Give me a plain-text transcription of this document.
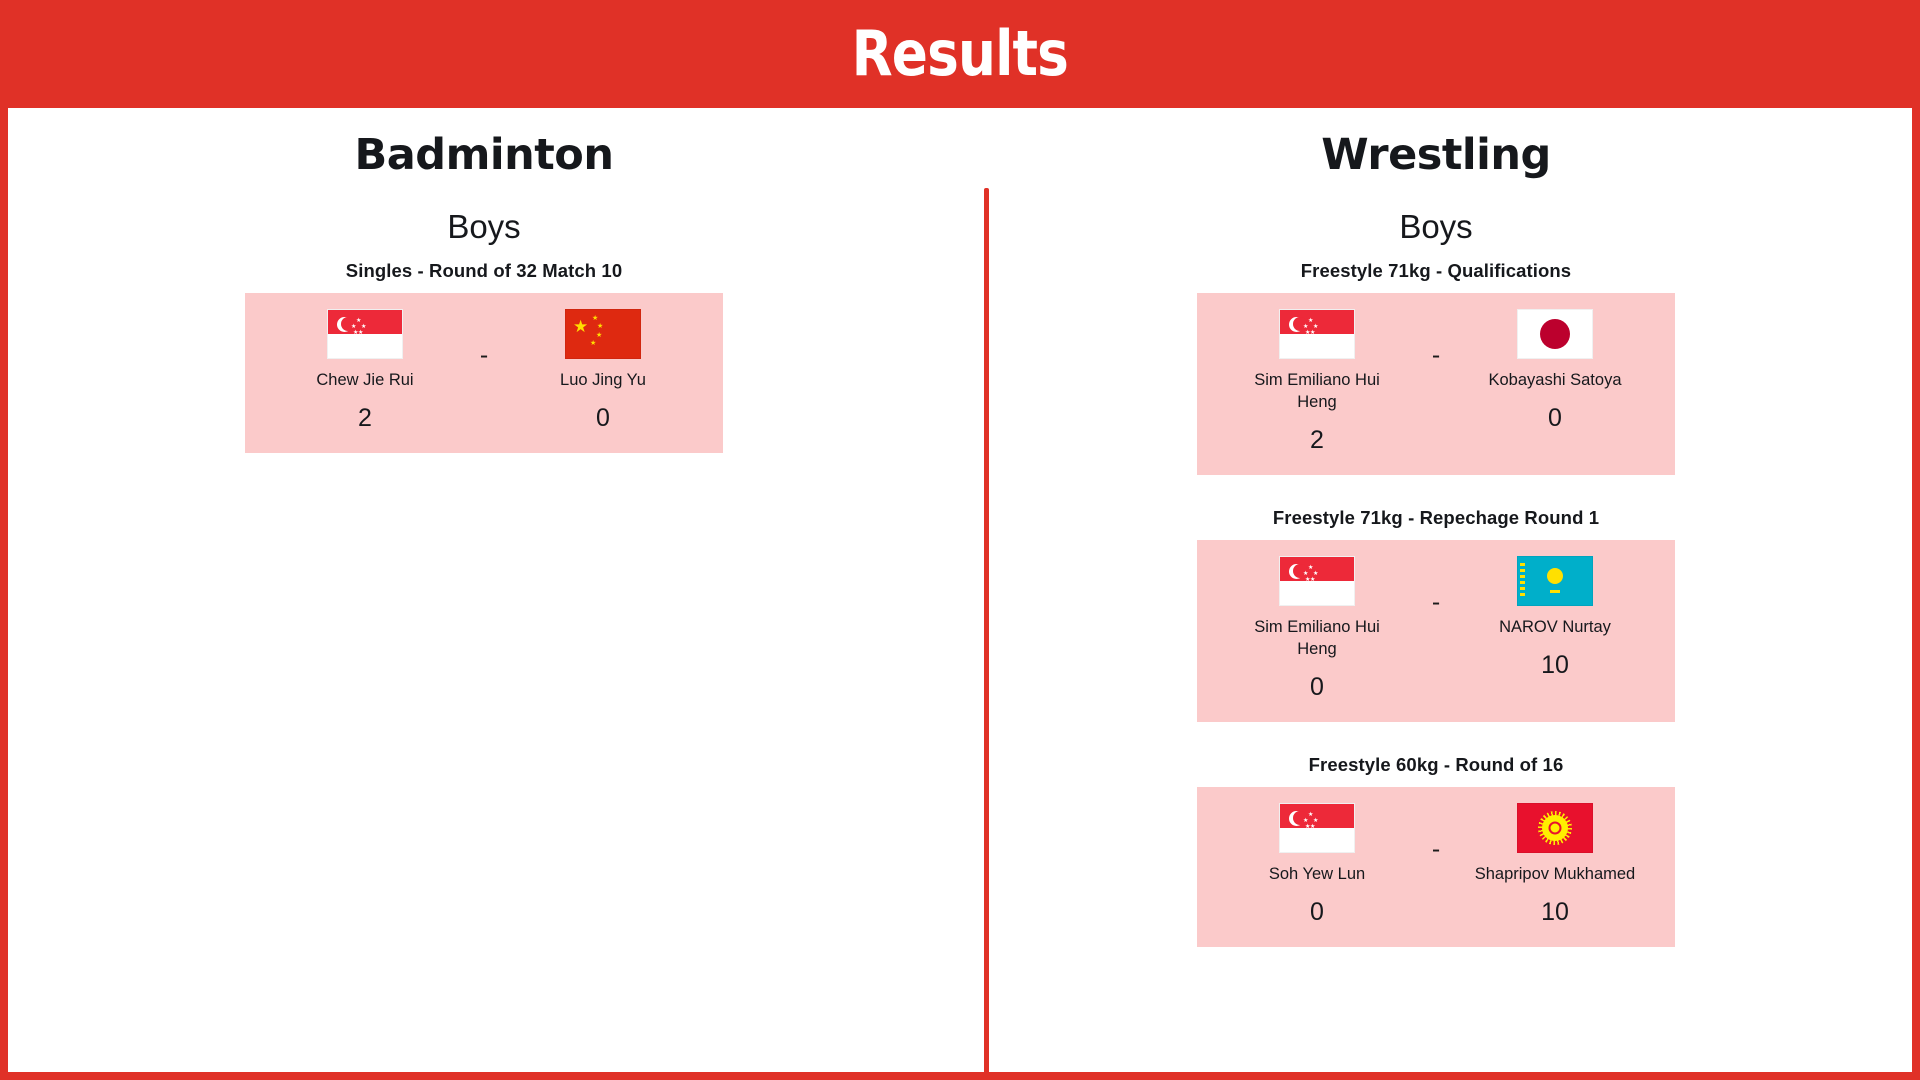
Results
Badminton
Boys
Singles - Round of 32 Match 10
★
★
★
★
★
Chew Jie Rui
2
-
★ ★
★
★
★
Luo Jing Yu
0
Wrestling
Boys
Freestyle 71kg - Qualifications
★
★
★
★
★
Sim Emiliano Hui Heng
2
-
Kobayashi Satoya
0
Freestyle 71kg - Repechage Round 1
★
★
★
★
★
Sim Emiliano Hui Heng
0
-	▬
NAROV Nurtay
10
Freestyle 60kg - Round of 16
★
★
★
★
★
Soh Yew Lun
0
-
Shapripov Mukhamed
10
